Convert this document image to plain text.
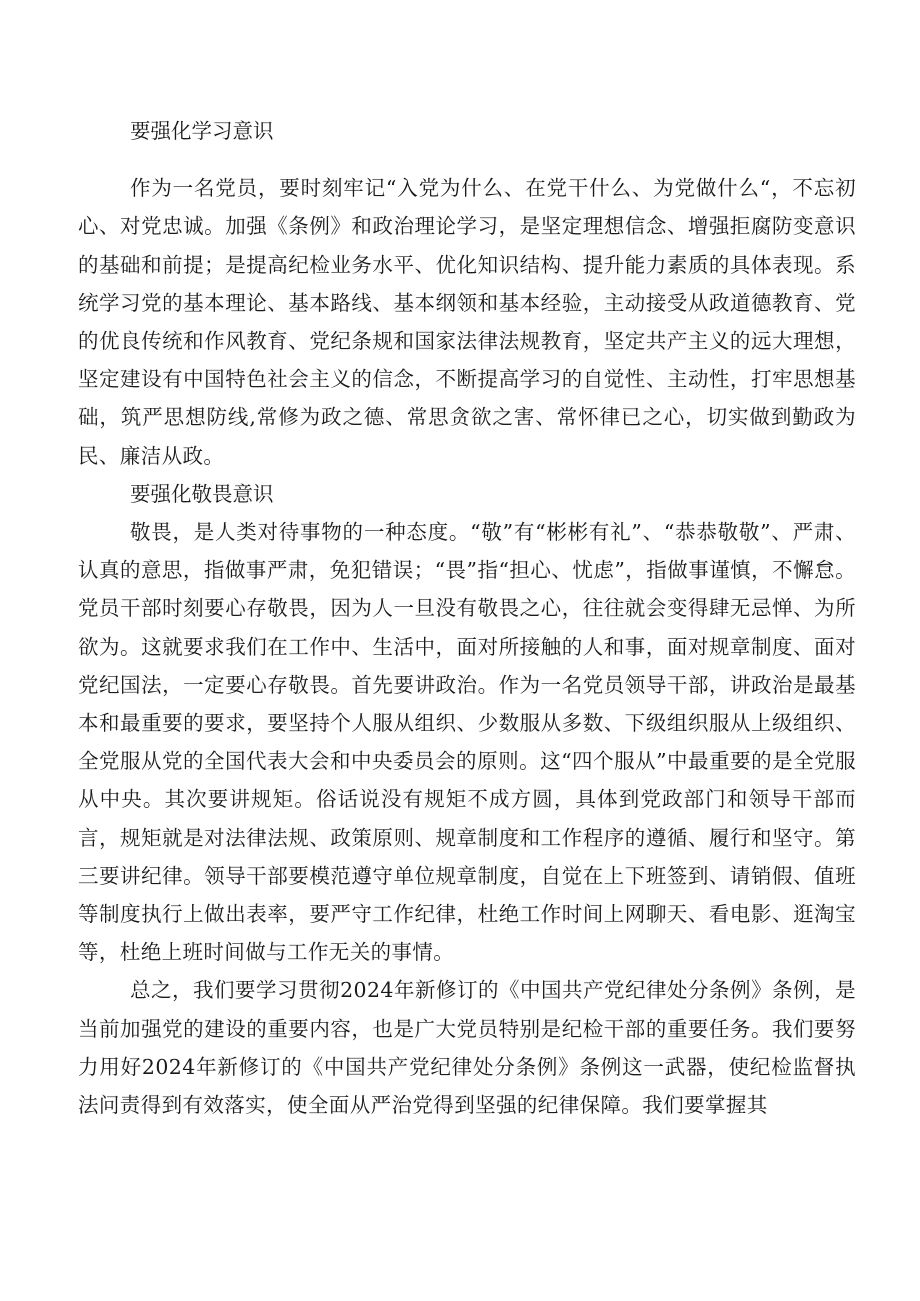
要强化学习意识

作为一名党员，要时刻牢记“入党为什么、在党干什么、为党做什么“，不忘初心、对党忠诚。加强《条例》和政治理论学习，是坚定理想信念、增强拒腐防变意识的基础和前提；是提高纪检业务水平、优化知识结构、提升能力素质的具体表现。系统学习党的基本理论、基本路线、基本纲领和基本经验，主动接受从政道德教育、党的优良传统和作风教育、党纪条规和国家法律法规教育，坚定共产主义的远大理想，坚定建设有中国特色社会主义的信念，不断提高学习的自觉性、主动性，打牢思想基础，筑严思想防线,常修为政之德、常思贪欲之害、常怀律已之心，切实做到勤政为民、廉洁从政。

要强化敬畏意识

敬畏，是人类对待事物的一种态度。“敬”有“彬彬有礼”、“恭恭敬敬”、严肃、认真的意思，指做事严肃，免犯错误；“畏”指“担心、忧虑”，指做事谨慎，不懈怠。党员干部时刻要心存敬畏，因为人一旦没有敬畏之心，往往就会变得肆无忌惮、为所欲为。这就要求我们在工作中、生活中，面对所接触的人和事，面对规章制度、面对党纪国法，一定要心存敬畏。首先要讲政治。作为一名党员领导干部，讲政治是最基本和最重要的要求，要坚持个人服从组织、少数服从多数、下级组织服从上级组织、全党服从党的全国代表大会和中央委员会的原则。这“四个服从”中最重要的是全党服从中央。其次要讲规矩。俗话说没有规矩不成方圆，具体到党政部门和领导干部而言，规矩就是对法律法规、政策原则、规章制度和工作程序的遵循、履行和坚守。第三要讲纪律。领导干部要模范遵守单位规章制度，自觉在上下班签到、请销假、值班等制度执行上做出表率，要严守工作纪律，杜绝工作时间上网聊天、看电影、逛淘宝等，杜绝上班时间做与工作无关的事情。

总之，我们要学习贯彻2024年新修订的《中国共产党纪律处分条例》条例，是当前加强党的建设的重要内容，也是广大党员特别是纪检干部的重要任务。我们要努力用好2024年新修订的《中国共产党纪律处分条例》条例这一武器，使纪检监督执法问责得到有效落实，使全面从严治党得到坚强的纪律保障。我们要掌握其
